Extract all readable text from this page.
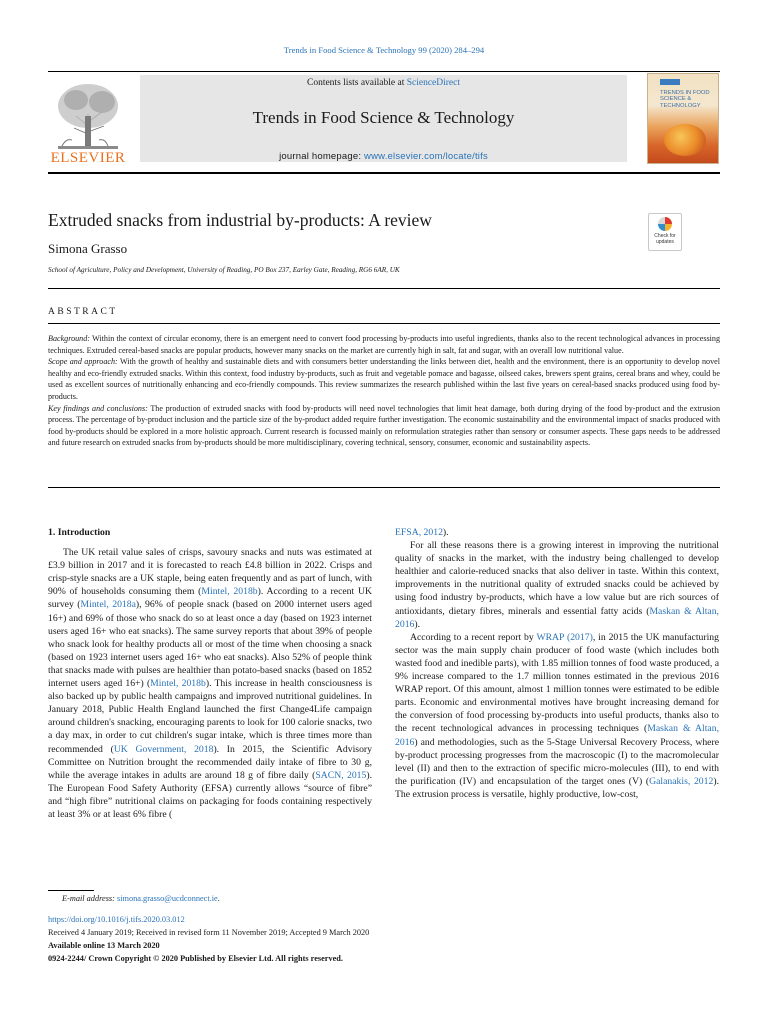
Trends in Food Science & Technology 99 (2020) 284–294
ELSEVIER
Contents lists available at ScienceDirect
Trends in Food Science & Technology
journal homepage: www.elsevier.com/locate/tifs
TRENDS IN FOOD SCIENCE & TECHNOLOGY
Extruded snacks from industrial by-products: A review
Check for updates
Simona Grasso
School of Agriculture, Policy and Development, University of Reading, PO Box 237, Earley Gate, Reading, RG6 6AR, UK
ABSTRACT

Background: Within the context of circular economy, there is an emergent need to convert food processing by-products into useful ingredients, thanks also to the recent technological advances in processing techniques. Extruded cereal-based snacks are popular products, however many snacks on the market are currently high in salt, fat and sugar, with an overall low nutritional value.

Scope and approach: With the growth of healthy and sustainable diets and with consumers better understanding the links between diet, health and the environment, there is an opportunity to develop novel healthy and eco-friendly extruded snacks. Within this context, food industry by-products, such as fruit and vegetable pomace and bagasse, oilseed cakes, brewers spent grains, cereal brans and whey, could be used as excellent sources of nutritionally enhancing and eco-friendly compounds. This review summarizes the research published within the last five years on cereal-based snacks produced using food by-products.

Key findings and conclusions: The production of extruded snacks with food by-products will need novel technologies that limit heat damage, both during drying of the food by-product and the extrusion process. The percentage of by-product inclusion and the particle size of the by-product added require further investigation. The economic sustainability and the environmental impact of snacks produced with food by-products should be explored in a more holistic approach. Current research is focussed mainly on reformulation strategies rather than sensory or consumer aspects. These gaps needs to be addressed and future research on extruded snacks from by-products should be more multidisciplinary, covering technical, sensory, consumer, economic and sustainability aspects.

1. Introduction

The UK retail value sales of crisps, savoury snacks and nuts was estimated at £3.9 billion in 2017 and it is forecasted to reach £4.8 billion in 2022. Crisps and crisp-style snacks are a UK staple, being eaten frequently and as part of lunch, with 90% of households consuming them (Mintel, 2018b). According to a recent UK survey (Mintel, 2018a), 96% of people snack (based on 2000 internet users aged 16+) and 69% of those who snack do so at least once a day (based on 1923 internet users aged 16+ who eat snacks). The same survey reports that about 39% of people who snack look for healthy products all or most of the time when choosing a snack (based on 1923 internet users aged 16+ who eat snacks). Also 52% of people think that snacks made with pulses are healthier than potato-based snacks (based on 1852 internet users aged 16+) (Mintel, 2018b). This increase in health consciousness is also backed up by public health campaigns and improved nutritional guidelines. In January 2018, Public Health England launched the first Change4Life campaign around children's snacking, encouraging parents to look for 100 calorie snacks, two a day max, in order to cut children's sugar intake, which is three times more than recommended (UK Government, 2018). In 2015, the Scientific Advisory Committee on Nutrition brought the recommended daily intake of fibre to 30 g, while the average intakes in adults are around 18 g of fibre daily (SACN, 2015). The European Food Safety Authority (EFSA) currently allows “source of fibre” and “high fibre” nutritional claims on packaging for foods containing respectively at least 3% or at least 6% fibre (

EFSA, 2012).

For all these reasons there is a growing interest in improving the nutritional quality of snacks in the market, with the industry being challenged to develop healthier and calorie-reduced snacks that also deliver in taste. Within this context, improvements in the nutritional quality of extruded snacks could be achieved by using food industry by-products, which have a low value but are rich sources of antioxidants, dietary fibres, minerals and essential fatty acids (Maskan & Altan, 2016).

According to a recent report by WRAP (2017), in 2015 the UK manufacturing sector was the main supply chain producer of food waste (which includes both wasted food and inedible parts), with 1.85 million tonnes of food waste produced, a 9% increase compared to the 1.7 million tonnes estimated in the previous 2016 WRAP report. Of this amount, almost 1 million tonnes were estimated to be edible parts. Economic and environmental motives have brought increasing demand for the conversion of food processing by-products into useful products, thanks also to the recent technological advances in processing techniques (Maskan & Altan, 2016) and methodologies, such as the 5-Stage Universal Recovery Process, where by-product processing progresses from the macroscopic (I) to the macromolecular level (II) and then to the extraction of specific micro-molecules (III), to end with the purification (IV) and encapsulation of the target ones (V) (Galanakis, 2012). The extrusion process is versatile, highly productive, low-cost,

E-mail address: simona.grasso@ucdconnect.ie.
https://doi.org/10.1016/j.tifs.2020.03.012
Received 4 January 2019; Received in revised form 11 November 2019; Accepted 9 March 2020
Available online 13 March 2020
0924-2244/ Crown Copyright © 2020 Published by Elsevier Ltd. All rights reserved.
